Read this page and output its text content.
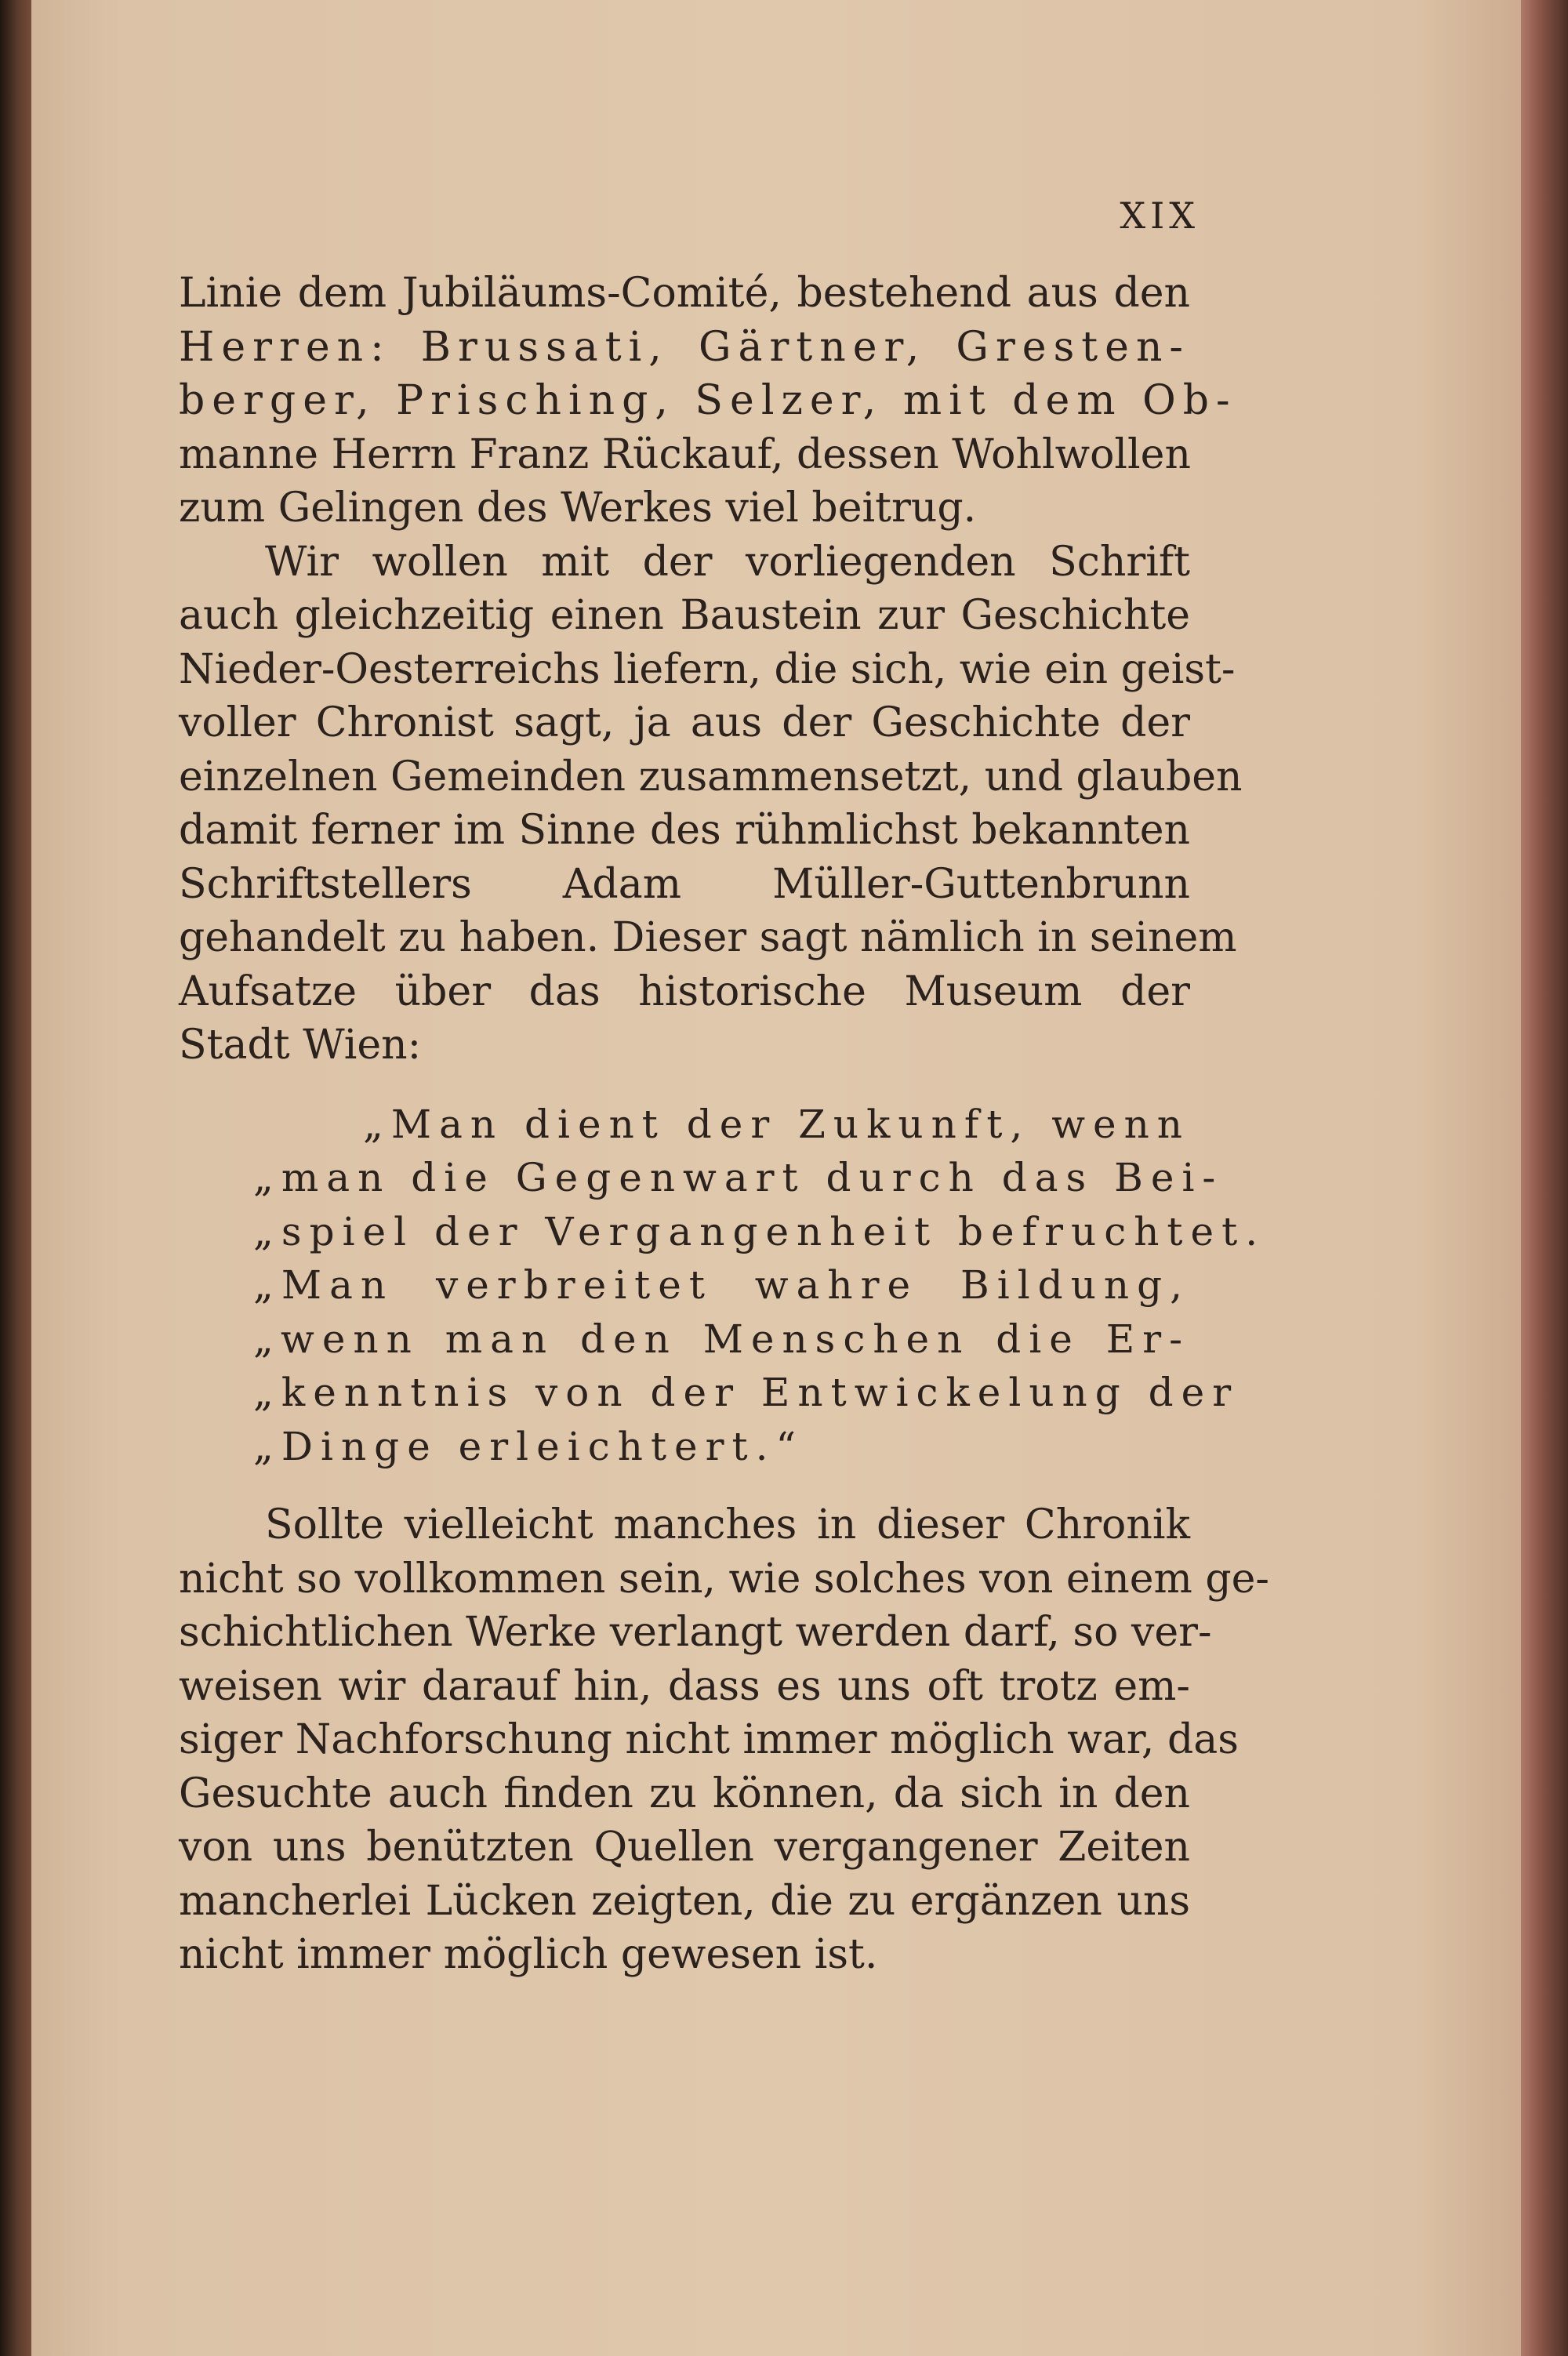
XIX
Linie dem Jubiläums-Comité, bestehend aus den
Herren: Brussati, Gärtner, Gresten-
berger, Prisching, Selzer, mit dem Ob-
manne Herrn Franz Rückauf, dessen Wohlwollen
zum Gelingen des Werkes viel beitrug.
Wir wollen mit der vorliegenden Schrift
auch gleichzeitig einen Baustein zur Geschichte
Nieder-Oesterreichs liefern, die sich, wie ein geist-
voller Chronist sagt, ja aus der Geschichte der
einzelnen Gemeinden zusammensetzt, und glauben
damit ferner im Sinne des rühmlichst bekannten
Schriftstellers Adam Müller-Guttenbrunn
gehandelt zu haben. Dieser sagt nämlich in seinem
Aufsatze über das historische Museum der
Stadt Wien:
„Man dient der Zukunft, wenn
„man die Gegenwart durch das Bei-
„spiel der Vergangenheit befruchtet.
„Man verbreitet wahre Bildung,
„wenn man den Menschen die Er-
„kenntnis von der Entwickelung der
„Dinge erleichtert.“
Sollte vielleicht manches in dieser Chronik
nicht so vollkommen sein, wie solches von einem ge-
schichtlichen Werke verlangt werden darf, so ver-
weisen wir darauf hin, dass es uns oft trotz em-
siger Nachforschung nicht immer möglich war, das
Gesuchte auch finden zu können, da sich in den
von uns benützten Quellen vergangener Zeiten
mancherlei Lücken zeigten, die zu ergänzen uns
nicht immer möglich gewesen ist.
